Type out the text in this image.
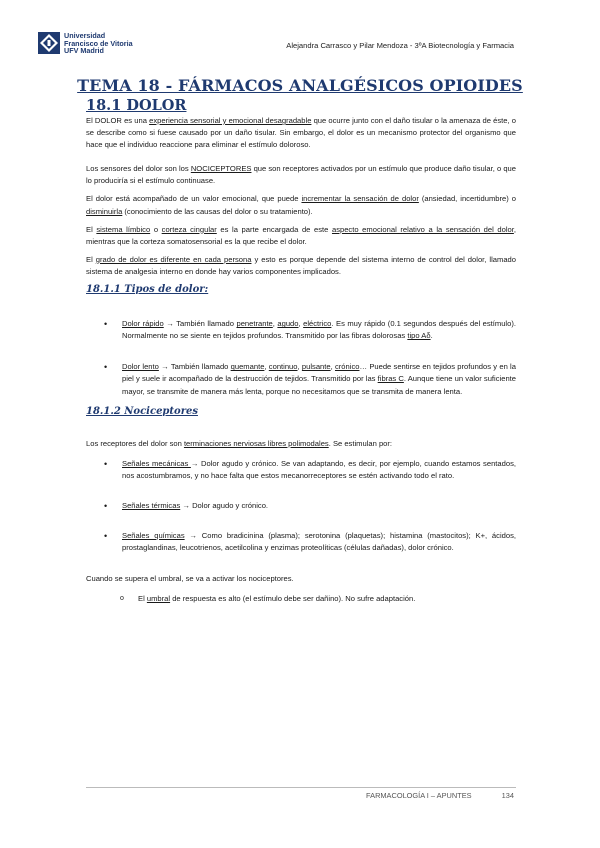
Universidad
Francisco de Vitoria
UFV Madrid
Alejandra Carrasco y Pilar Mendoza - 3ºA Biotecnología y Farmacia
TEMA 18 - FÁRMACOS ANALGÉSICOS OPIOIDES
18.1 DOLOR

El DOLOR es una experiencia sensorial y emocional desagradable que ocurre junto con el daño tisular o la amenaza de éste, o se describe como si fuese causado por un daño tisular. Sin embargo, el dolor es un mecanismo protector del organismo que hace que el individuo reaccione para eliminar el estímulo doloroso.

Los sensores del dolor son los NOCICEPTORES que son receptores activados por un estímulo que produce daño tisular, o que lo produciría si el estímulo continuase.

El dolor está acompañado de un valor emocional, que puede incrementar la sensación de dolor (ansiedad, incertidumbre) o disminuirla (conocimiento de las causas del dolor o su tratamiento).

El sistema límbico o corteza cingular es la parte encargada de este aspecto emocional relativo a la sensación del dolor, mientras que la corteza somatosensorial es la que recibe el dolor.

El grado de dolor es diferente en cada persona y esto es porque depende del sistema interno de control del dolor, llamado sistema de analgesia interno en donde hay varios componentes implicados.

18.1.1 Tipos de dolor:

• Dolor rápido → También llamado penetrante, agudo, eléctrico. Es muy rápido (0.1 segundos después del estímulo). Normalmente no se siente en tejidos profundos. Transmitido por las fibras dolorosas tipo Aδ.

• Dolor lento → También llamado quemante, continuo, pulsante, crónico… Puede sentirse en tejidos profundos y en la piel y suele ir acompañado de la destrucción de tejidos. Transmitido por las fibras C. Aunque tiene un valor suficiente mayor, se transmite de manera más lenta, porque no necesitamos que se transmita de manera lenta.

18.1.2 Nociceptores

Los receptores del dolor son terminaciones nerviosas libres polimodales. Se estimulan por:

• Señales mecánicas → Dolor agudo y crónico. Se van adaptando, es decir, por ejemplo, cuando estamos sentados, nos acostumbramos, y no hace falta que estos mecanorreceptores se estén activando todo el rato.

• Señales térmicas → Dolor agudo y crónico.

• Señales químicas → Como bradicinina (plasma); serotonina (plaquetas); histamina (mastocitos); K+, ácidos, prostaglandinas, leucotrienos, acetilcolina y enzimas proteolíticas (células dañadas), dolor crónico.

Cuando se supera el umbral, se va a activar los nociceptores.

o El umbral de respuesta es alto (el estímulo debe ser dañino). No sufre adaptación.

FARMACOLOGÍA I – APUNTES	134
